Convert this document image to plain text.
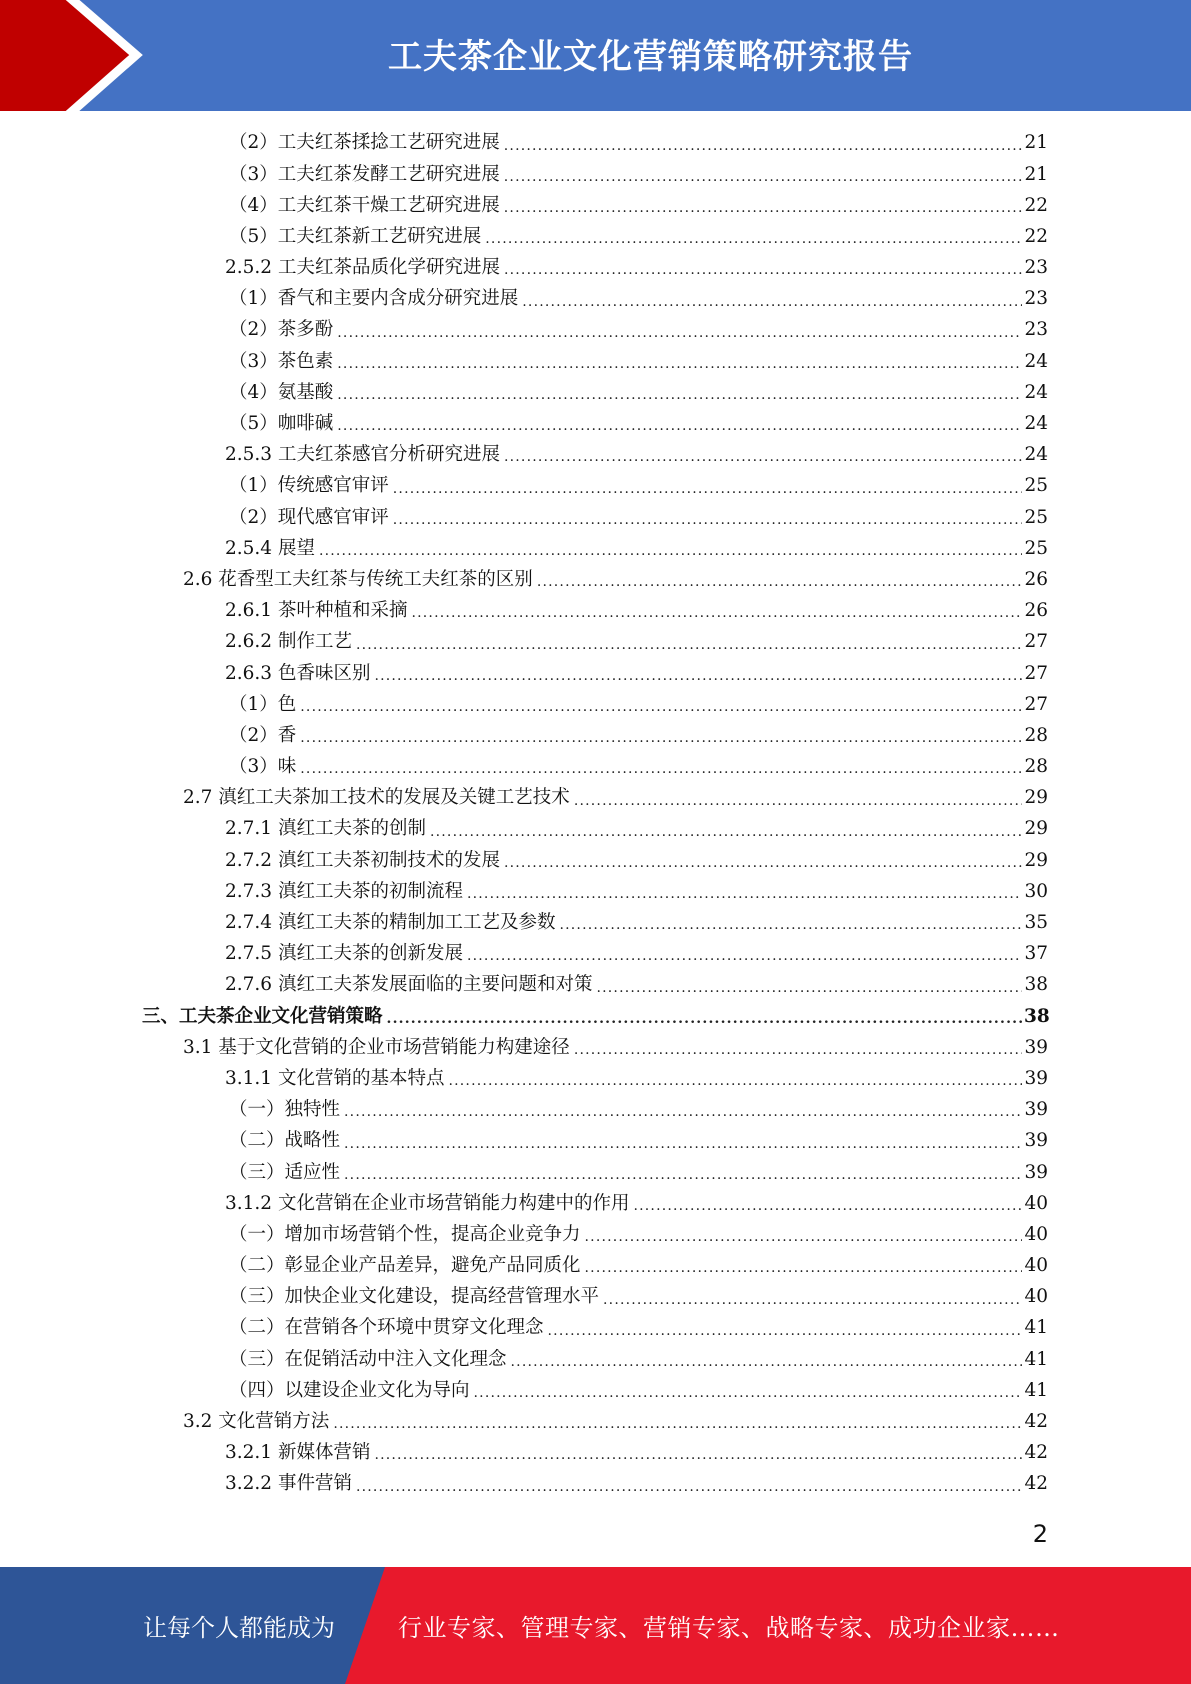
工夫茶企业文化营销策略研究报告
（2）工夫红茶揉捻工艺研究进展 .....	21
（3）工夫红茶发酵工艺研究进展 .....	21
（4）工夫红茶干燥工艺研究进展 .....	22
（5）工夫红茶新工艺研究进展 .....	22
2.5.2 工夫红茶品质化学研究进展 .....	23
（1）香气和主要内含成分研究进展 .....	23
（2）茶多酚 .....	23
（3）茶色素 .....	24
（4）氨基酸 .....	24
（5）咖啡碱 .....	24
2.5.3 工夫红茶感官分析研究进展 .....	24
（1）传统感官审评 .....	25
（2）现代感官审评 .....	25
2.5.4 展望 .....	25
2.6 花香型工夫红茶与传统工夫红茶的区别 .....	26
2.6.1 茶叶种植和采摘 .....	26
2.6.2 制作工艺 .....	27
2.6.3 色香味区别 .....	27
（1）色 .....	27
（2）香 .....	28
（3）味 .....	28
2.7 滇红工夫茶加工技术的发展及关键工艺技术 .....	29
2.7.1 滇红工夫茶的创制 .....	29
2.7.2 滇红工夫茶初制技术的发展 .....	29
2.7.3 滇红工夫茶的初制流程 .....	30
2.7.4 滇红工夫茶的精制加工工艺及参数 .....	35
2.7.5 滇红工夫茶的创新发展 .....	37
2.7.6 滇红工夫茶发展面临的主要问题和对策 .....	38
三、工夫茶企业文化营销策略 .....	38
3.1 基于文化营销的企业市场营销能力构建途径 .....	39
3.1.1 文化营销的基本特点 .....	39
（一）独特性 .....	39
（二）战略性 .....	39
（三）适应性 .....	39
3.1.2 文化营销在企业市场营销能力构建中的作用 .....	40
（一）增加市场营销个性，提高企业竞争力 .....	40
（二）彰显企业产品差异，避免产品同质化 .....	40
（三）加快企业文化建设，提高经营管理水平 .....	40
（二）在营销各个环境中贯穿文化理念 .....	41
（三）在促销活动中注入文化理念 .....	41
（四）以建设企业文化为导向 .....	41
3.2 文化营销方法 .....	42
3.2.1 新媒体营销 .....	42
3.2.2 事件营销 .....	42
2
让每个人都能成为	行业专家、管理专家、营销专家、战略专家、成功企业家……
